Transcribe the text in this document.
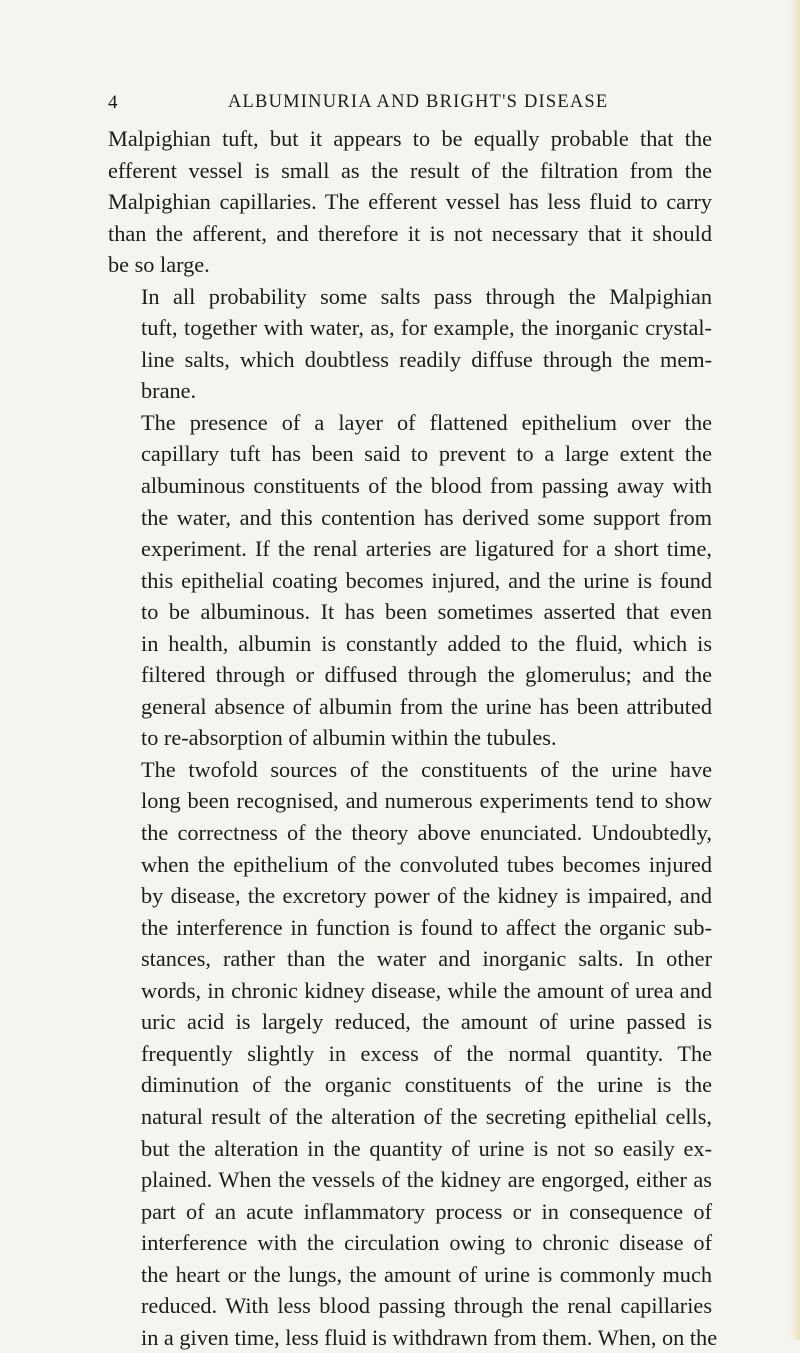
4	ALBUMINURIA AND BRIGHT'S DISEASE
Malpighian tuft, but it appears to be equally probable that the
efferent vessel is small as the result of the filtration from the
Malpighian capillaries. The efferent vessel has less fluid to carry
than the afferent, and therefore it is not necessary that it should
be so large.
In all probability some salts pass through the Malpighian
tuft, together with water, as, for example, the inorganic crystal-
line salts, which doubtless readily diffuse through the mem-
brane.
The presence of a layer of flattened epithelium over the
capillary tuft has been said to prevent to a large extent the
albuminous constituents of the blood from passing away with
the water, and this contention has derived some support from
experiment. If the renal arteries are ligatured for a short time,
this epithelial coating becomes injured, and the urine is found
to be albuminous. It has been sometimes asserted that even
in health, albumin is constantly added to the fluid, which is
filtered through or diffused through the glomerulus; and the
general absence of albumin from the urine has been attributed
to re-absorption of albumin within the tubules.
The twofold sources of the constituents of the urine have
long been recognised, and numerous experiments tend to show
the correctness of the theory above enunciated. Undoubtedly,
when the epithelium of the convoluted tubes becomes injured
by disease, the excretory power of the kidney is impaired, and
the interference in function is found to affect the organic sub-
stances, rather than the water and inorganic salts. In other
words, in chronic kidney disease, while the amount of urea and
uric acid is largely reduced, the amount of urine passed is
frequently slightly in excess of the normal quantity. The
diminution of the organic constituents of the urine is the
natural result of the alteration of the secreting epithelial cells,
but the alteration in the quantity of urine is not so easily ex-
plained. When the vessels of the kidney are engorged, either as
part of an acute inflammatory process or in consequence of
interference with the circulation owing to chronic disease of
the heart or the lungs, the amount of urine is commonly much
reduced. With less blood passing through the renal capillaries
in a given time, less fluid is withdrawn from them. When, on the
